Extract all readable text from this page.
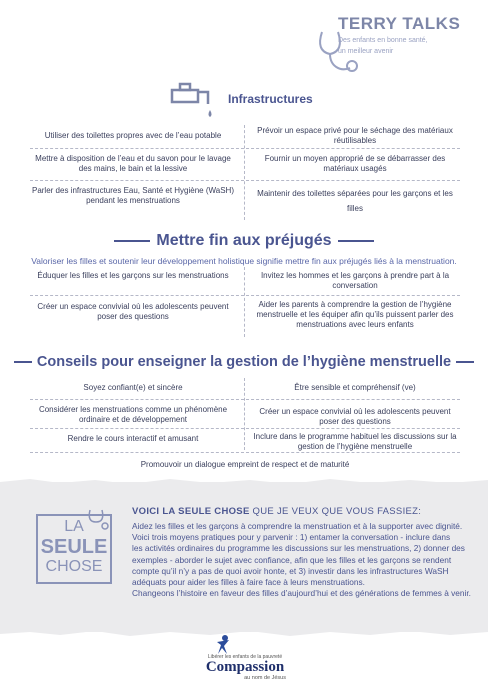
TERRY TALKS
Des enfants en bonne santé,
un meilleur avenir
Infrastructures
Utiliser des toilettes propres avec de l’eau potable
Mettre à disposition de l’eau et du savon pour le lavage des mains, le bain et la lessive
Parler des infrastructures Eau, Santé et Hygiène (WaSH) pendant les menstruations
Prévoir un espace privé pour le séchage des matériaux réutilisables
Fournir un moyen approprié de se débarrasser des matériaux usagés
Maintenir des toilettes séparées pour les garçons et les filles
Mettre fin aux préjugés
Valoriser les filles et soutenir leur développement holistique signifie mettre fin aux préjugés liés à la menstruation.
Éduquer les filles et les garçons sur les menstruations
Créer un espace convivial où les adolescents peuvent poser des questions
Invitez les hommes et les garçons à prendre part à la conversation
Aider les parents à comprendre la gestion de l’hygiène menstruelle et les équiper afin qu’ils puissent parler des menstruations avec leurs enfants
Conseils pour enseigner la gestion de l’hygiène menstruelle
Soyez confiant(e) et sincère
Considérer les menstruations comme un phénomène ordinaire et de développement
Rendre le cours interactif et amusant
Être sensible et compréhensif (ve)
Créer un espace convivial où les adolescents peuvent poser des questions
Inclure dans le programme habituel les discussions sur la gestion de l’hygiène menstruelle
Promouvoir un dialogue empreint de respect et de maturité
LA
SEULE
CHOSE
VOICI LA SEULE CHOSE QUE JE VEUX QUE VOUS FASSIEZ:
Aidez les filles et les garçons à comprendre la menstruation et à la supporter avec dignité.
Voici trois moyens pratiques pour y parvenir : 1) entamer la conversation - inclure dans
les activités ordinaires du programme les discussions sur les menstruations, 2) donner des
exemples - aborder le sujet avec confiance, afin que les filles et les garçons se rendent
compte qu’il n’y a pas de quoi avoir honte, et 3) investir dans les infrastructures WaSH
adéquats pour aider les filles à faire face à leurs menstruations.
Changeons l’histoire en faveur des filles d’aujourd’hui et des générations de femmes à venir.
Libérer les enfants de la pauvreté
Compassion
au nom de Jésus
